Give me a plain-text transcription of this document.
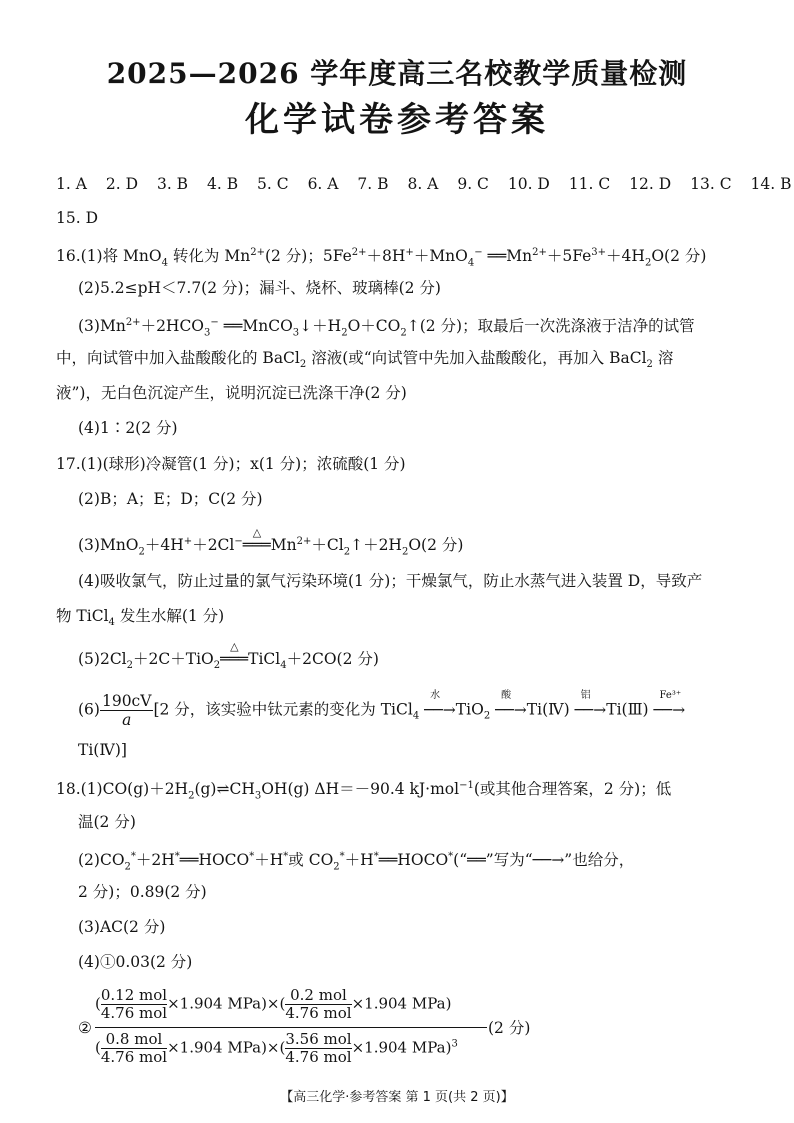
2025—2026 学年度高三名校教学质量检测
化学试卷参考答案
1. A 2. D 3. B 4. B 5. C 6. A 7. B 8. A 9. C 10. D 11. C 12. D 13. C 14. B
15. D
16.(1)将 MnO$_4$ 转化为 $Mn^{2+}(2$ 分)；$5Fe^{2+}+8H^++MnO_4^-$ $══Mn^{2+}+5Fe^{3+}+4H_2O(2$ 分)
(2)5.2≤pH＜7.7(2 分)；漏斗、烧杯、玻璃棒(2 分)
$(3)Mn^{2+}+2HCO_3^-$ $══MnCO_3↓+H_2O+CO_2↑(2$ 分)；取最后一次洗涤液于洁净的试管
中，向试管中加入盐酸酸化的 BaCl$_2$ 溶液(或“向试管中先加入盐酸酸化，再加入 BaCl$_2$ 溶
液”)，无白色沉淀产生，说明沉淀已洗涤干净(2 分)
(4)1∶2(2 分)
17.(1)(球形)冷凝管(1 分)；x(1 分)；浓硫酸(1 分)
(2)B；A；E；D；C(2 分)
(3)MnO$_2$＋4H+＋2Cl−
△
$═══Mn^{2+}+Cl_2↑+2H_2O(2$ 分)
(4)吸收氯气，防止过量的氯气污染环境(1 分)；干燥氯气，防止水蒸气进入装置 D，导致产
物 TiCl$_4$ 发生水解(1 分)
$(5)2Cl_2+2C+TiO_2$
△
═══TiCl$_4$＋2CO(2 分)
$(6) \frac{190cV}{a} [2$ 分，该实验中钛元素的变化为 TiCl$_4$
水
──→TiO$_2$
酸
──→Ti(Ⅳ)
铝
──→Ti(Ⅲ)
Fe³⁺
──→
Ti(Ⅳ)]
$18.(1)CO(g)+2H_2(g)\rightleftharpoons CH_3OH(g)$ ΔH＝－90.4 kJ·mol$^{-1}$(或其他合理答案，2 分)；低
温(2 分)
$(2)CO_2^*+2H^*══HOCO^*+H^*$或 $CO_2^*+H^*══HOCO^*(“══$”写为“──→”也给分，
2 分)；0.89(2 分)
(3)AC(2 分)
(4)①0.03(2 分)
②
( 0.12 mol
4.76 mol
×1.904 MPa)×( 0.2 mol
4.76 mol
×1.904 MPa)
( 0.8 mol
4.76 mol
×1.904 MPa)×( 3.56 mol
4.76 mol
×1.904 MPa)$^3$
(2 分)
【高三化学·参考答案 第 1 页(共 2 页)】
